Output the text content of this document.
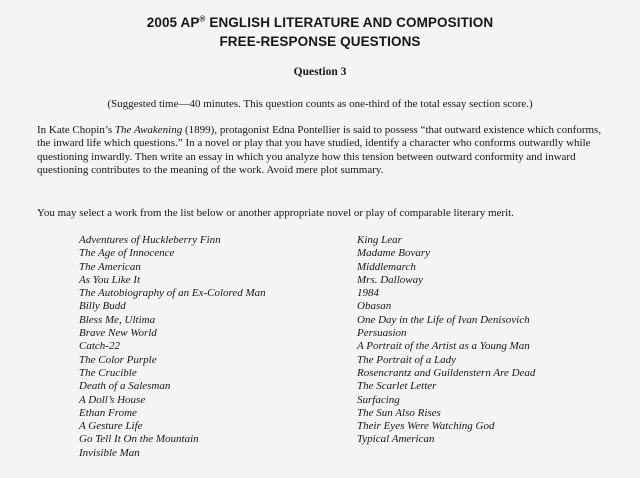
2005 AP® ENGLISH LITERATURE AND COMPOSITION
FREE-RESPONSE QUESTIONS
Question 3
(Suggested time—40 minutes. This question counts as one-third of the total essay section score.)
In Kate Chopin’s The Awakening (1899), protagonist Edna Pontellier is said to possess “that outward existence which conforms, the inward life which questions.” In a novel or play that you have studied, identify a character who conforms outwardly while questioning inwardly. Then write an essay in which you analyze how this tension between outward conformity and inward questioning contributes to the meaning of the work. Avoid mere plot summary.
You may select a work from the list below or another appropriate novel or play of comparable literary merit.
Adventures of Huckleberry Finn
The Age of Innocence
The American
As You Like It
The Autobiography of an Ex-Colored Man
Billy Budd
Bless Me, Ultima
Brave New World
Catch-22
The Color Purple
The Crucible
Death of a Salesman
A Doll’s House
Ethan Frome
A Gesture Life
Go Tell It On the Mountain
Invisible Man
King Lear
Madame Bovary
Middlemarch
Mrs. Dalloway
1984
Obasan
One Day in the Life of Ivan Denisovich
Persuasion
A Portrait of the Artist as a Young Man
The Portrait of a Lady
Rosencrantz and Guildenstern Are Dead
The Scarlet Letter
Surfacing
The Sun Also Rises
Their Eyes Were Watching God
Typical American
